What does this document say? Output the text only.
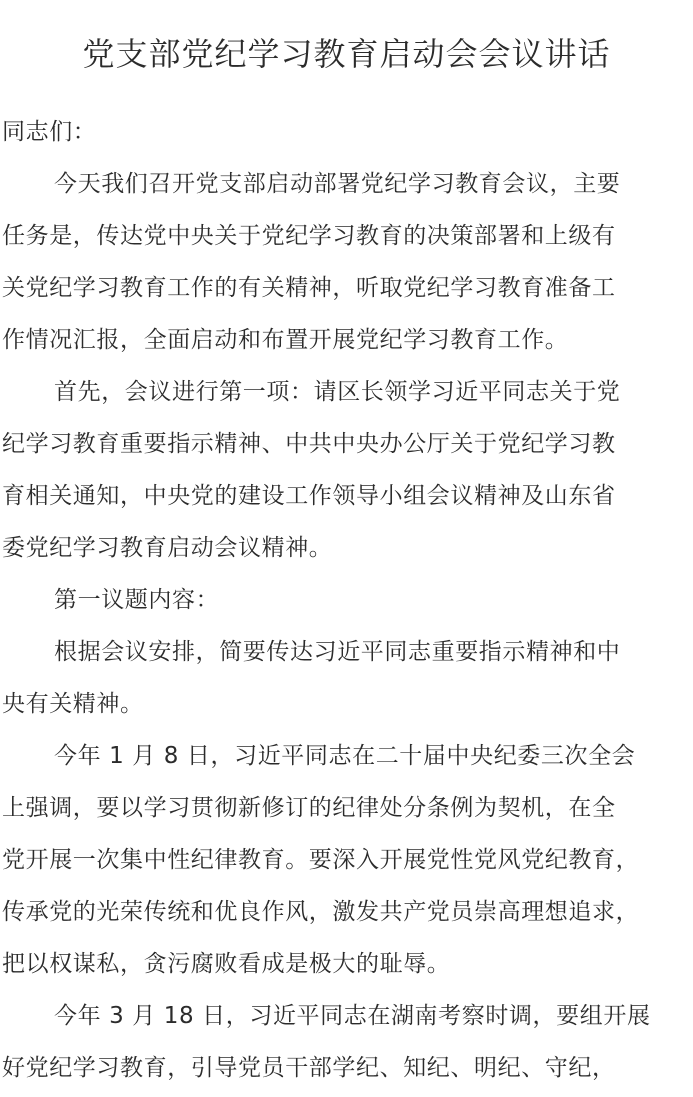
党支部党纪学习教育启动会会议讲话
同志们：
今天我们召开党支部启动部署党纪学习教育会议，主要
任务是，传达党中央关于党纪学习教育的决策部署和上级有
关党纪学习教育工作的有关精神，听取党纪学习教育准备工
作情况汇报，全面启动和布置开展党纪学习教育工作。
首先，会议进行第一项：请区长领学习近平同志关于党
纪学习教育重要指示精神、中共中央办公厅关于党纪学习教
育相关通知，中央党的建设工作领导小组会议精神及山东省
委党纪学习教育启动会议精神。
第一议题内容：
根据会议安排，简要传达习近平同志重要指示精神和中
央有关精神。
今年 1 月 8 日，习近平同志在二十届中央纪委三次全会
上强调，要以学习贯彻新修订的纪律处分条例为契机，在全
党开展一次集中性纪律教育。要深入开展党性党风党纪教育，
传承党的光荣传统和优良作风，激发共产党员崇高理想追求，
把以权谋私，贪污腐败看成是极大的耻辱。
今年 3 月 18 日，习近平同志在湖南考察时调，要组开展
好党纪学习教育，引导党员干部学纪、知纪、明纪、守纪，
